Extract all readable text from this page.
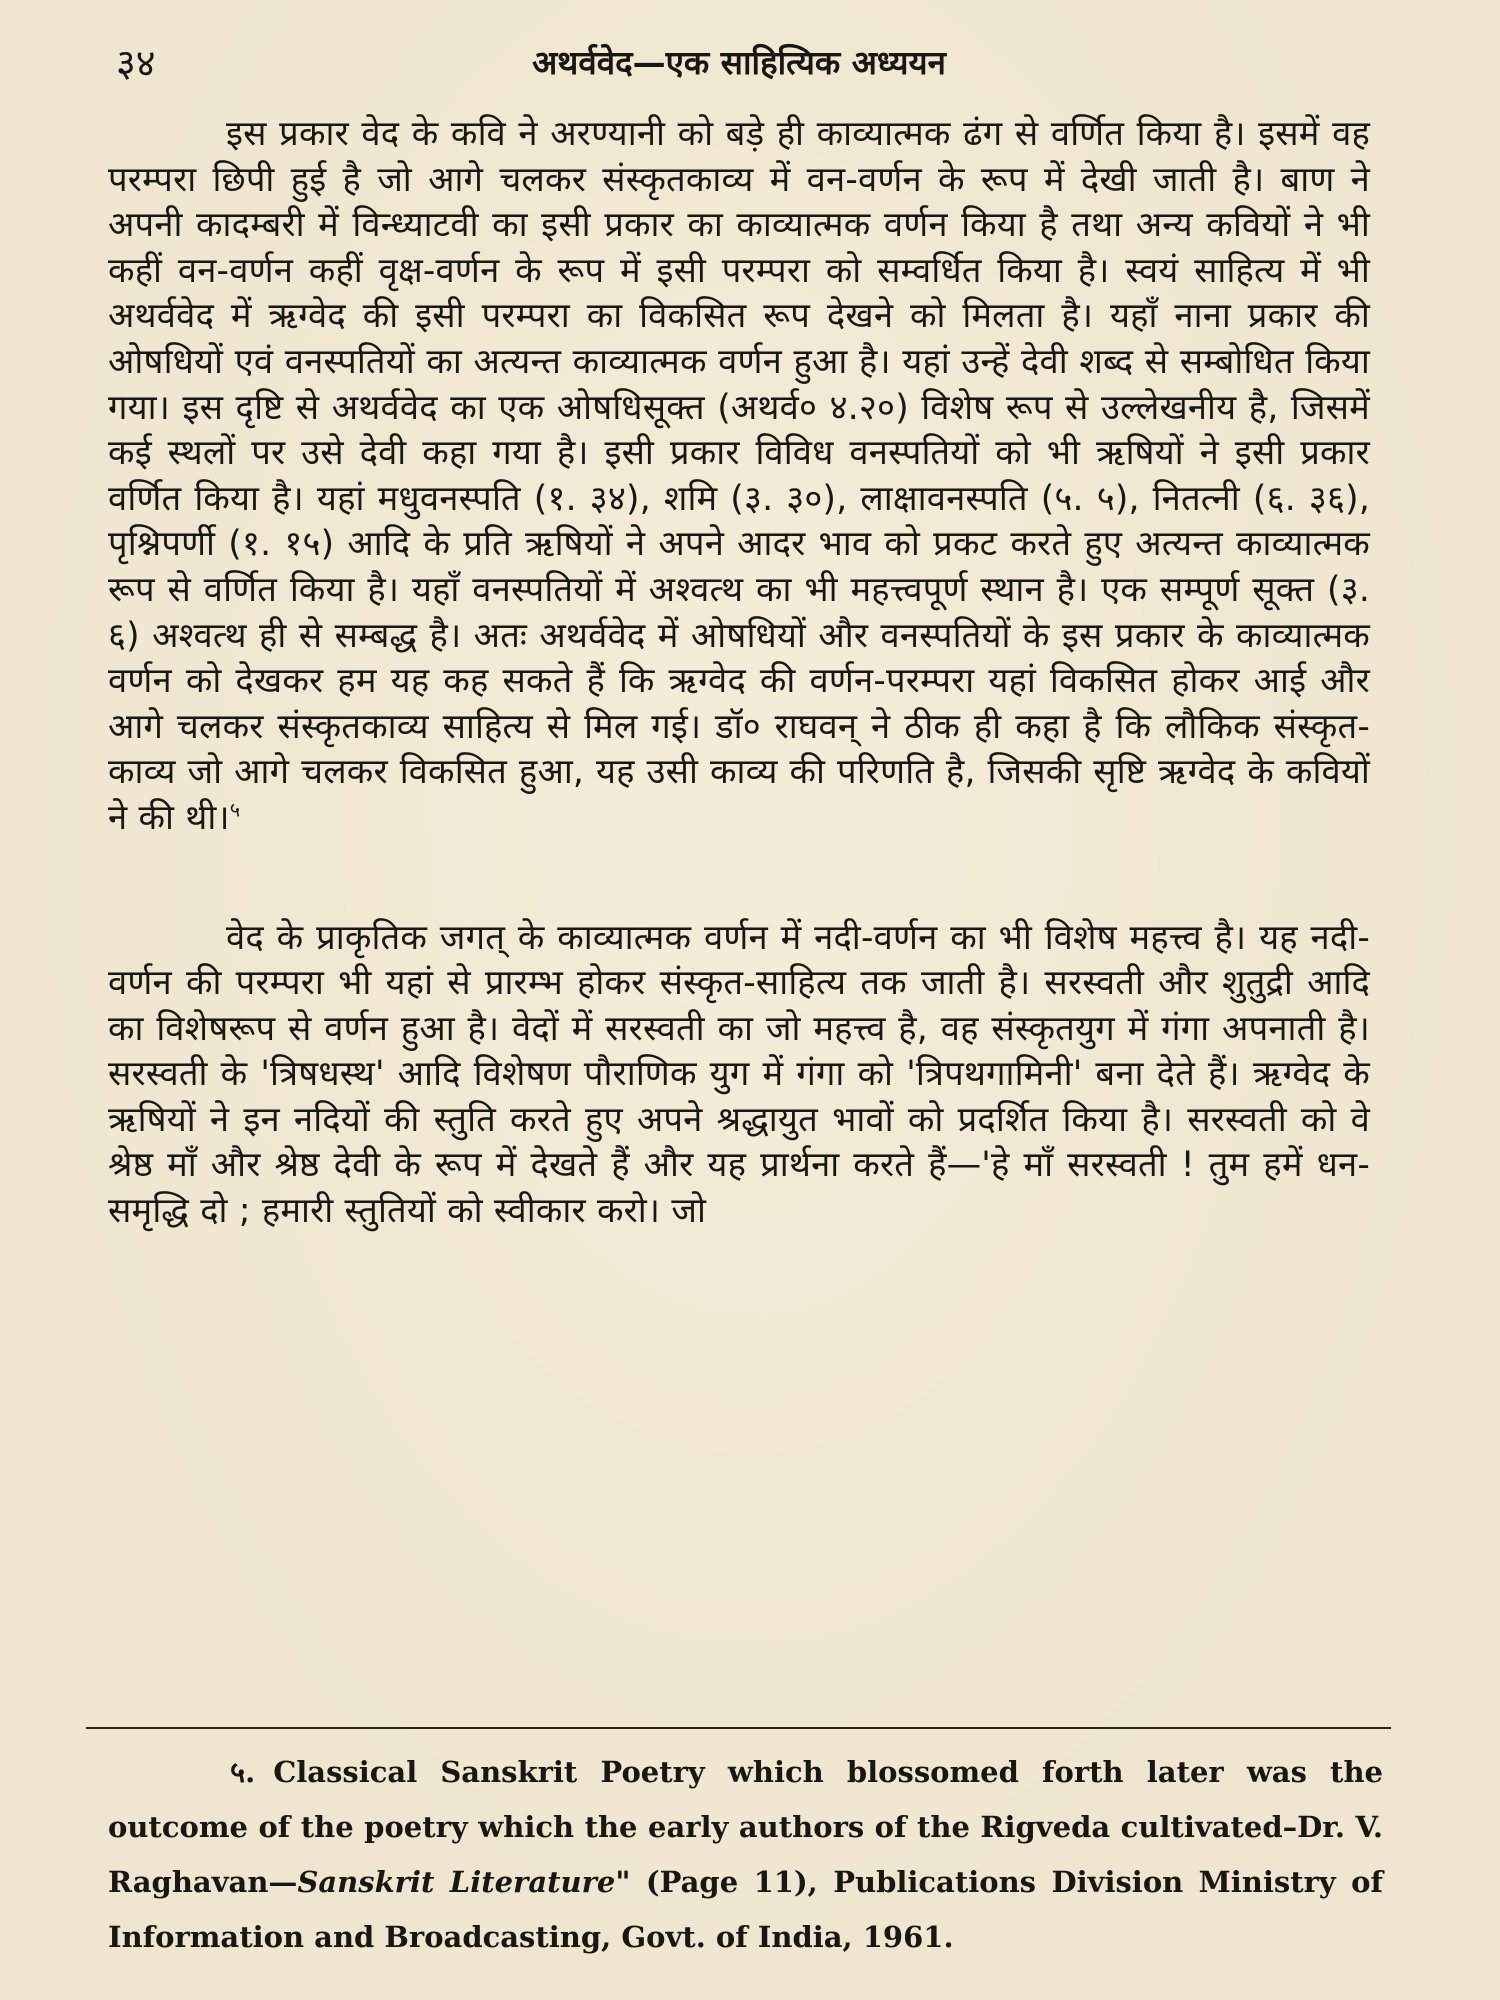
३४	अथर्ववेद—एक साहित्यिक अध्ययन

इस प्रकार वेद के कवि ने अरण्यानी को बड़े ही काव्यात्मक ढंग से वर्णित किया है। इसमें वह परम्परा छिपी हुई है जो आगे चलकर संस्कृतकाव्य में वन-वर्णन के रूप में देखी जाती है। बाण ने अपनी कादम्बरी में विन्ध्याटवी का इसी प्रकार का काव्यात्मक वर्णन किया है तथा अन्य कवियों ने भी कहीं वन-वर्णन कहीं वृक्ष-वर्णन के रूप में इसी परम्परा को सम्वर्धित किया है। स्वयं साहित्य में भी अथर्ववेद में ऋग्वेद की इसी परम्परा का विकसित रूप देखने को मिलता है। यहाँ नाना प्रकार की ओषधियों एवं वनस्पतियों का अत्यन्त काव्यात्मक वर्णन हुआ है। यहां उन्हें देवी शब्द से सम्बोधित किया गया। इस दृष्टि से अथर्ववेद का एक ओषधिसूक्त (अथर्व० ४.२०) विशेष रूप से उल्लेखनीय है, जिसमें कई स्थलों पर उसे देवी कहा गया है। इसी प्रकार विविध वनस्पतियों को भी ऋषियों ने इसी प्रकार वर्णित किया है। यहां मधुवनस्पति (१. ३४), शमि (३. ३०), लाक्षावनस्पति (५. ५), नितत्नी (६. ३६), पृश्निपर्णी (१. १५) आदि के प्रति ऋषियों ने अपने आदर भाव को प्रकट करते हुए अत्यन्त काव्यात्मक रूप से वर्णित किया है। यहाँ वनस्पतियों में अश्वत्थ का भी महत्त्वपूर्ण स्थान है। एक सम्पूर्ण सूक्त (३. ६) अश्वत्थ ही से सम्बद्ध है। अतः अथर्ववेद में ओषधियों और वनस्पतियों के इस प्रकार के काव्यात्मक वर्णन को देखकर हम यह कह सकते हैं कि ऋग्वेद की वर्णन-परम्परा यहां विकसित होकर आई और आगे चलकर संस्कृतकाव्य साहित्य से मिल गई। डॉ० राघवन् ने ठीक ही कहा है कि लौकिक संस्कृत-काव्य जो आगे चलकर विकसित हुआ, यह उसी काव्य की परिणति है, जिसकी सृष्टि ऋग्वेद के कवियों ने की थी।$^५$

वेद के प्राकृतिक जगत् के काव्यात्मक वर्णन में नदी-वर्णन का भी विशेष महत्त्व है। यह नदी-वर्णन की परम्परा भी यहां से प्रारम्भ होकर संस्कृत-साहित्य तक जाती है। सरस्वती और शुतुद्री आदि का विशेषरूप से वर्णन हुआ है। वेदों में सरस्वती का जो महत्त्व है, वह संस्कृतयुग में गंगा अपनाती है। सरस्वती के 'त्रिषधस्थ' आदि विशेषण पौराणिक युग में गंगा को 'त्रिपथगामिनी' बना देते हैं। ऋग्वेद के ऋषियों ने इन नदियों की स्तुति करते हुए अपने श्रद्धायुत भावों को प्रदर्शित किया है। सरस्वती को वे श्रेष्ठ माँ और श्रेष्ठ देवी के रूप में देखते हैं और यह प्रार्थना करते हैं—'हे माँ सरस्वती ! तुम हमें धन-समृद्धि दो ; हमारी स्तुतियों को स्वीकार करो। जो

५. Classical Sanskrit Poetry which blossomed forth later was the outcome of the poetry which the early authors of the Rigveda cultivated–Dr. V. Raghavan—Sanskrit Literature" (Page 11), Publications Division Ministry of Information and Broadcasting, Govt. of India, 1961.
